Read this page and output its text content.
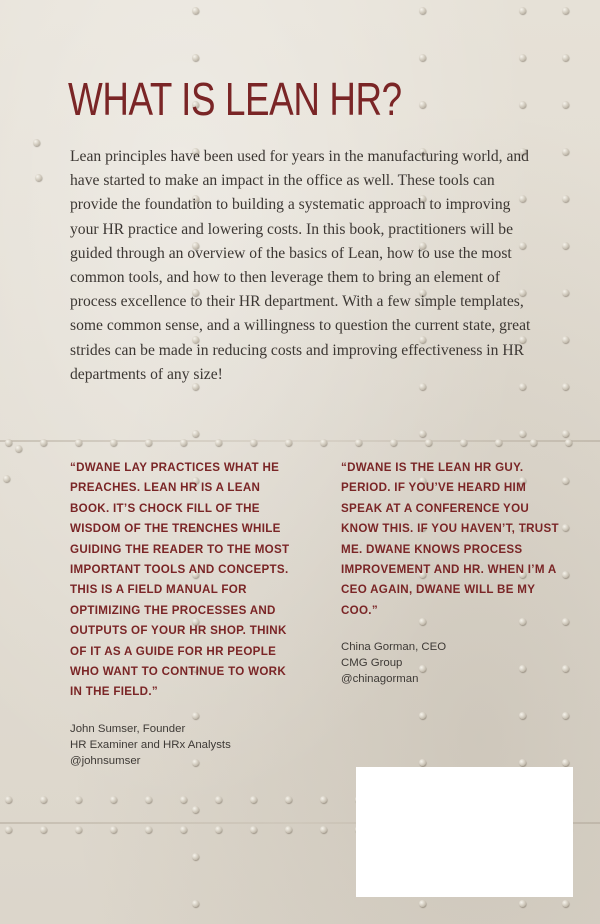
WHAT IS LEAN HR?

Lean principles have been used for years in the manufacturing world, and have started to make an impact in the office as well. These tools can provide the foundation to building a systematic approach to improving your HR practice and lowering costs. In this book, practitioners will be guided through an overview of the basics of Lean, how to use the most common tools, and how to then leverage them to bring an element of process excellence to their HR department. With a few simple templates, some common sense, and a willingness to question the current state, great strides can be made in reducing costs and improving effectiveness in HR departments of any size!

“DWANE LAY PRACTICES WHAT HE PREACHES. LEAN HR IS A LEAN BOOK. IT’S CHOCK FILL OF THE WISDOM OF THE TRENCHES WHILE GUIDING THE READER TO THE MOST IMPORTANT TOOLS AND CONCEPTS. THIS IS A FIELD MANUAL FOR OPTIMIZING THE PROCESSES AND OUTPUTS OF YOUR HR SHOP. THINK OF IT AS A GUIDE FOR HR PEOPLE WHO WANT TO CONTINUE TO WORK IN THE FIELD.”

John Sumser, Founder
HR Examiner and HRx Analysts
@johnsumser

“DWANE IS THE LEAN HR GUY. PERIOD. IF YOU’VE HEARD HIM SPEAK AT A CONFERENCE YOU KNOW THIS. IF YOU HAVEN’T, TRUST ME. DWANE KNOWS PROCESS IMPROVEMENT AND HR. WHEN I’M A CEO AGAIN, DWANE WILL BE MY COO.”

China Gorman, CEO
CMG Group
@chinagorman
